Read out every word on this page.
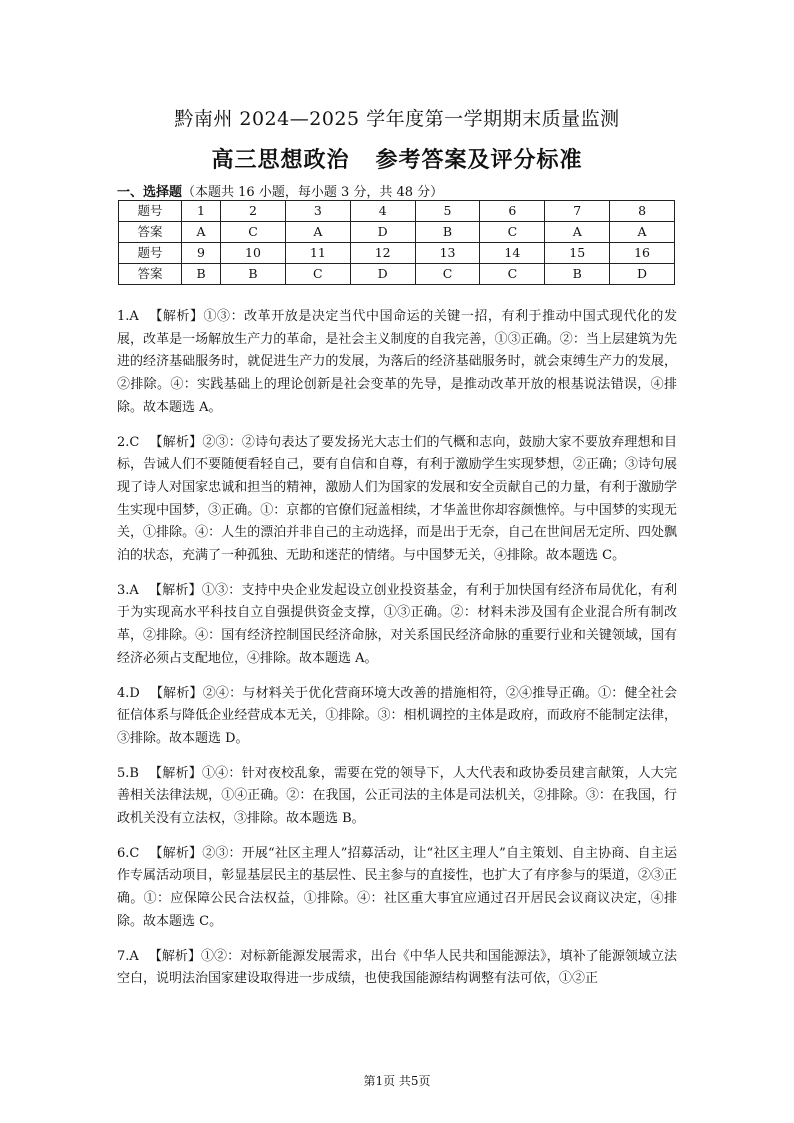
黔南州 2024—2025 学年度第一学期期末质量监测
高三思想政治 参考答案及评分标准
一、选择题（本题共 16 小题，每小题 3 分，共 48 分）
题号	1	2	3	4	5	6	7	8
答案	A	C	A	D	B	C	A	A
题号	9	10	11	12	13	14	15	16
答案	B	B	C	D	C	C	B	D
1.A 【解析】①③：改革开放是决定当代中国命运的关键一招，有利于推动中国式现代化的发展，改革是一场解放生产力的革命，是社会主义制度的自我完善，①③正确。②：当上层建筑为先进的经济基础服务时，就促进生产力的发展，为落后的经济基础服务时，就会束缚生产力的发展，②排除。④：实践基础上的理论创新是社会变革的先导，是推动改革开放的根基说法错误，④排除。故本题选 A。
2.C 【解析】②③：②诗句表达了要发扬光大志士们的气概和志向，鼓励大家不要放弃理想和目标，告诫人们不要随便看轻自己，要有自信和自尊，有利于激励学生实现梦想，②正确；③诗句展现了诗人对国家忠诚和担当的精神，激励人们为国家的发展和安全贡献自己的力量，有利于激励学生实现中国梦，③正确。①：京都的官僚们冠盖相续，才华盖世你却容颜憔悴。与中国梦的实现无关，①排除。④：人生的漂泊并非自己的主动选择，而是出于无奈，自己在世间居无定所、四处飘泊的状态，充满了一种孤独、无助和迷茫的情绪。与中国梦无关，④排除。故本题选 C。
3.A 【解析】①③：支持中央企业发起设立创业投资基金，有利于加快国有经济布局优化，有利于为实现高水平科技自立自强提供资金支撑，①③正确。②：材料未涉及国有企业混合所有制改革，②排除。④：国有经济控制国民经济命脉，对关系国民经济命脉的重要行业和关键领域，国有经济必须占支配地位，④排除。故本题选 A。
4.D 【解析】②④：与材料关于优化营商环境大改善的措施相符，②④推导正确。①：健全社会征信体系与降低企业经营成本无关，①排除。③：相机调控的主体是政府，而政府不能制定法律，③排除。故本题选 D。
5.B 【解析】①④：针对夜校乱象，需要在党的领导下，人大代表和政协委员建言献策，人大完善相关法律法规，①④正确。②：在我国，公正司法的主体是司法机关，②排除。③：在我国，行政机关没有立法权，③排除。故本题选 B。
6.C 【解析】②③：开展“社区主理人”招募活动，让“社区主理人”自主策划、自主协商、自主运作专属活动项目，彰显基层民主的基层性、民主参与的直接性，也扩大了有序参与的渠道，②③正确。①：应保障公民合法权益，①排除。④：社区重大事宜应通过召开居民会议商议决定，④排除。故本题选 C。
7.A 【解析】①②：对标新能源发展需求，出台《中华人民共和国能源法》，填补了能源领域立法空白，说明法治国家建设取得进一步成绩，也使我国能源结构调整有法可依，①②正
第1页 共5页
